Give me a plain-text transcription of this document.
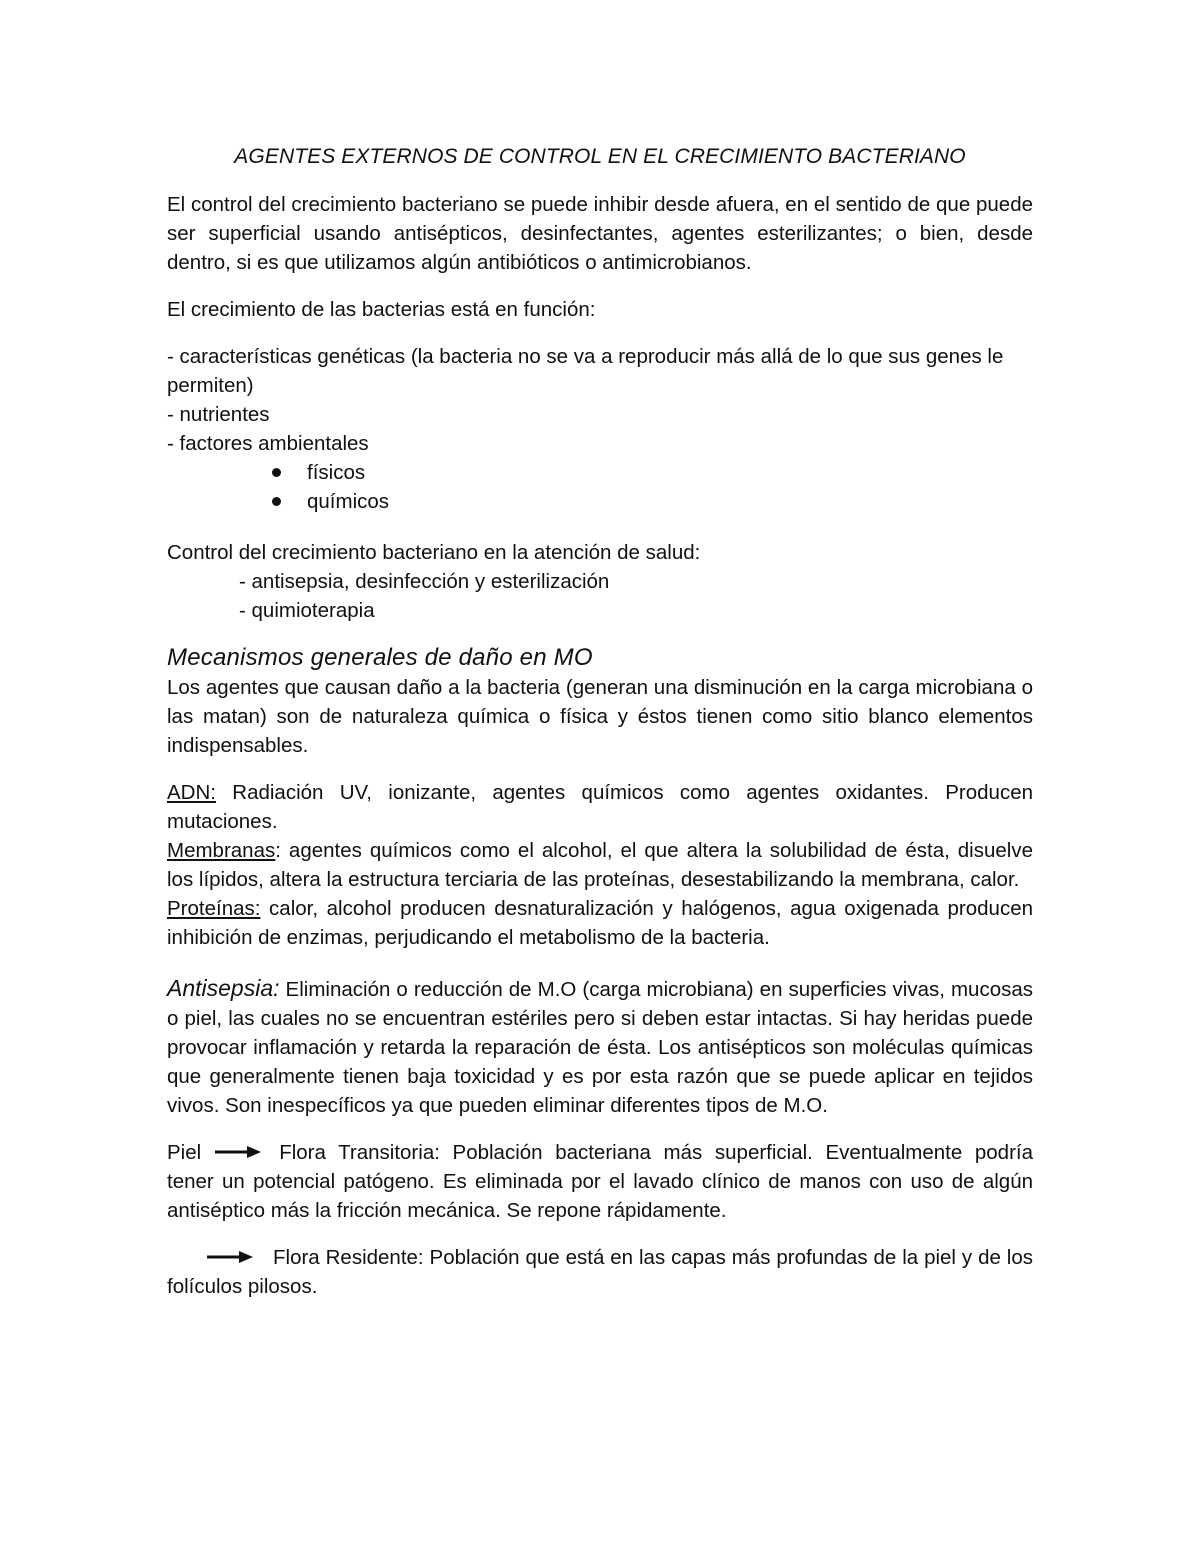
AGENTES EXTERNOS DE CONTROL EN EL CRECIMIENTO BACTERIANO

El control del crecimiento bacteriano se puede inhibir desde afuera, en el sentido de que puede ser superficial usando antisépticos, desinfectantes, agentes esterilizantes; o bien, desde dentro, si es que utilizamos algún antibióticos o antimicrobianos.

El crecimiento de las bacterias está en función:

- características genéticas (la bacteria no se va a reproducir más allá de lo que sus genes le permiten)
- nutrientes
- factores ambientales
físicos
químicos
Control del crecimiento bacteriano en la atención de salud:
- antisepsia, desinfección y esterilización
- quimioterapia
Mecanismos generales de daño en MO

Los agentes que causan daño a la bacteria (generan una disminución en la carga microbiana o las matan) son de naturaleza química o física y éstos tienen como sitio blanco elementos indispensables.

ADN: Radiación UV, ionizante, agentes químicos como agentes oxidantes. Producen mutaciones.

Membranas: agentes químicos como el alcohol, el que altera la solubilidad de ésta, disuelve los lípidos, altera la estructura terciaria de las proteínas, desestabilizando la membrana, calor.

Proteínas: calor, alcohol producen desnaturalización y halógenos, agua oxigenada producen inhibición de enzimas, perjudicando el metabolismo de la bacteria.

Antisepsia: Eliminación o reducción de M.O (carga microbiana) en superficies vivas, mucosas o piel, las cuales no se encuentran estériles pero si deben estar intactas. Si hay heridas puede provocar inflamación y retarda la reparación de ésta. Los antisépticos son moléculas químicas que generalmente tienen baja toxicidad y es por esta razón que se puede aplicar en tejidos vivos. Son inespecíficos ya que pueden eliminar diferentes tipos de M.O.

Piel	Flora Transitoria: Población bacteriana más superficial. Eventualmente podría tener un potencial patógeno. Es eliminada por el lavado clínico de manos con uso de algún antiséptico más la fricción mecánica. Se repone rápidamente.

Flora Residente: Población que está en las capas más profundas de la piel y de los folículos pilosos.
